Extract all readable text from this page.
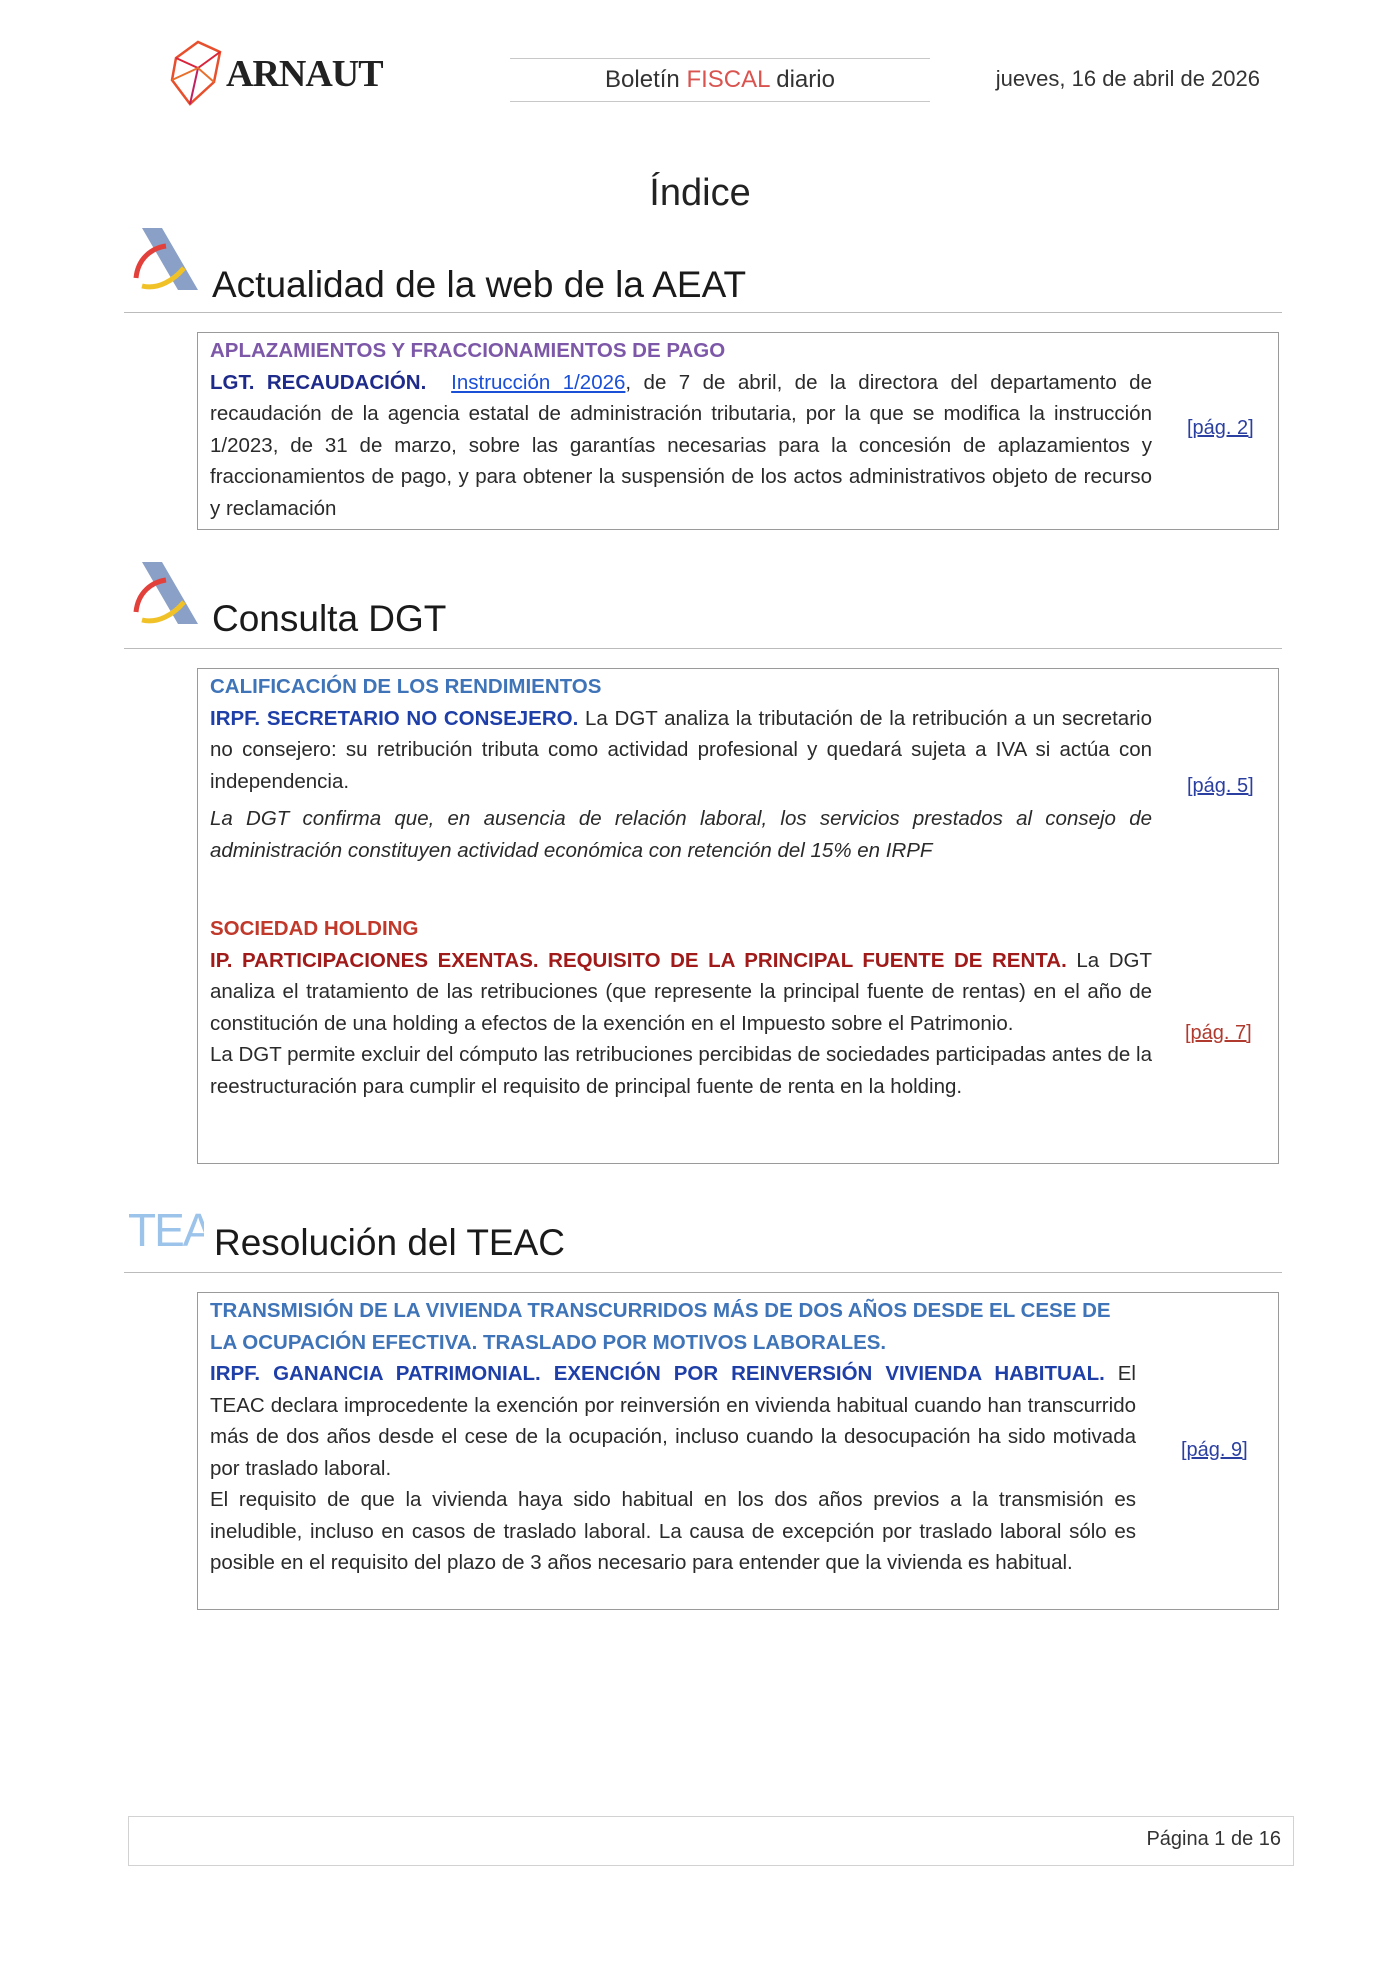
ARNAUT	Boletín FISCAL diario	jueves, 16 de abril de 2026
Índice
Actualidad de la web de la AEAT
APLAZAMIENTOS Y FRACCIONAMIENTOS DE PAGO

LGT. RECAUDACIÓN. Instrucción 1/2026, de 7 de abril, de la directora del departamento de recaudación de la agencia estatal de administración tributaria, por la que se modifica la instrucción 1/2023, de 31 de marzo, sobre las garantías necesarias para la concesión de aplazamientos y fraccionamientos de pago, y para obtener la suspensión de los actos administrativos objeto de recurso y reclamación

[pág. 2]
Consulta DGT
CALIFICACIÓN DE LOS RENDIMIENTOS

IRPF. SECRETARIO NO CONSEJERO. La DGT analiza la tributación de la retribución a un secretario no consejero: su retribución tributa como actividad profesional y quedará sujeta a IVA si actúa con independencia.

La DGT confirma que, en ausencia de relación laboral, los servicios prestados al consejo de administración constituyen actividad económica con retención del 15% en IRPF

[pág. 5]
SOCIEDAD HOLDING

IP. PARTICIPACIONES EXENTAS. REQUISITO DE LA PRINCIPAL FUENTE DE RENTA. La DGT analiza el tratamiento de las retribuciones (que represente la principal fuente de rentas) en el año de constitución de una holding a efectos de la exención en el Impuesto sobre el Patrimonio.

La DGT permite excluir del cómputo las retribuciones percibidas de sociedades participadas antes de la reestructuración para cumplir el requisito de principal fuente de renta en la holding.

[pág. 7]
TEA Resolución del TEAC
TRANSMISIÓN DE LA VIVIENDA TRANSCURRIDOS MÁS DE DOS AÑOS DESDE EL CESE DE LA OCUPACIÓN EFECTIVA. TRASLADO POR MOTIVOS LABORALES.

IRPF. GANANCIA PATRIMONIAL. EXENCIÓN POR REINVERSIÓN VIVIENDA HABITUAL. El TEAC declara improcedente la exención por reinversión en vivienda habitual cuando han transcurrido más de dos años desde el cese de la ocupación, incluso cuando la desocupación ha sido motivada por traslado laboral.

El requisito de que la vivienda haya sido habitual en los dos años previos a la transmisión es ineludible, incluso en casos de traslado laboral. La causa de excepción por traslado laboral sólo es posible en el requisito del plazo de 3 años necesario para entender que la vivienda es habitual.

[pág. 9]
Página 1 de 16
